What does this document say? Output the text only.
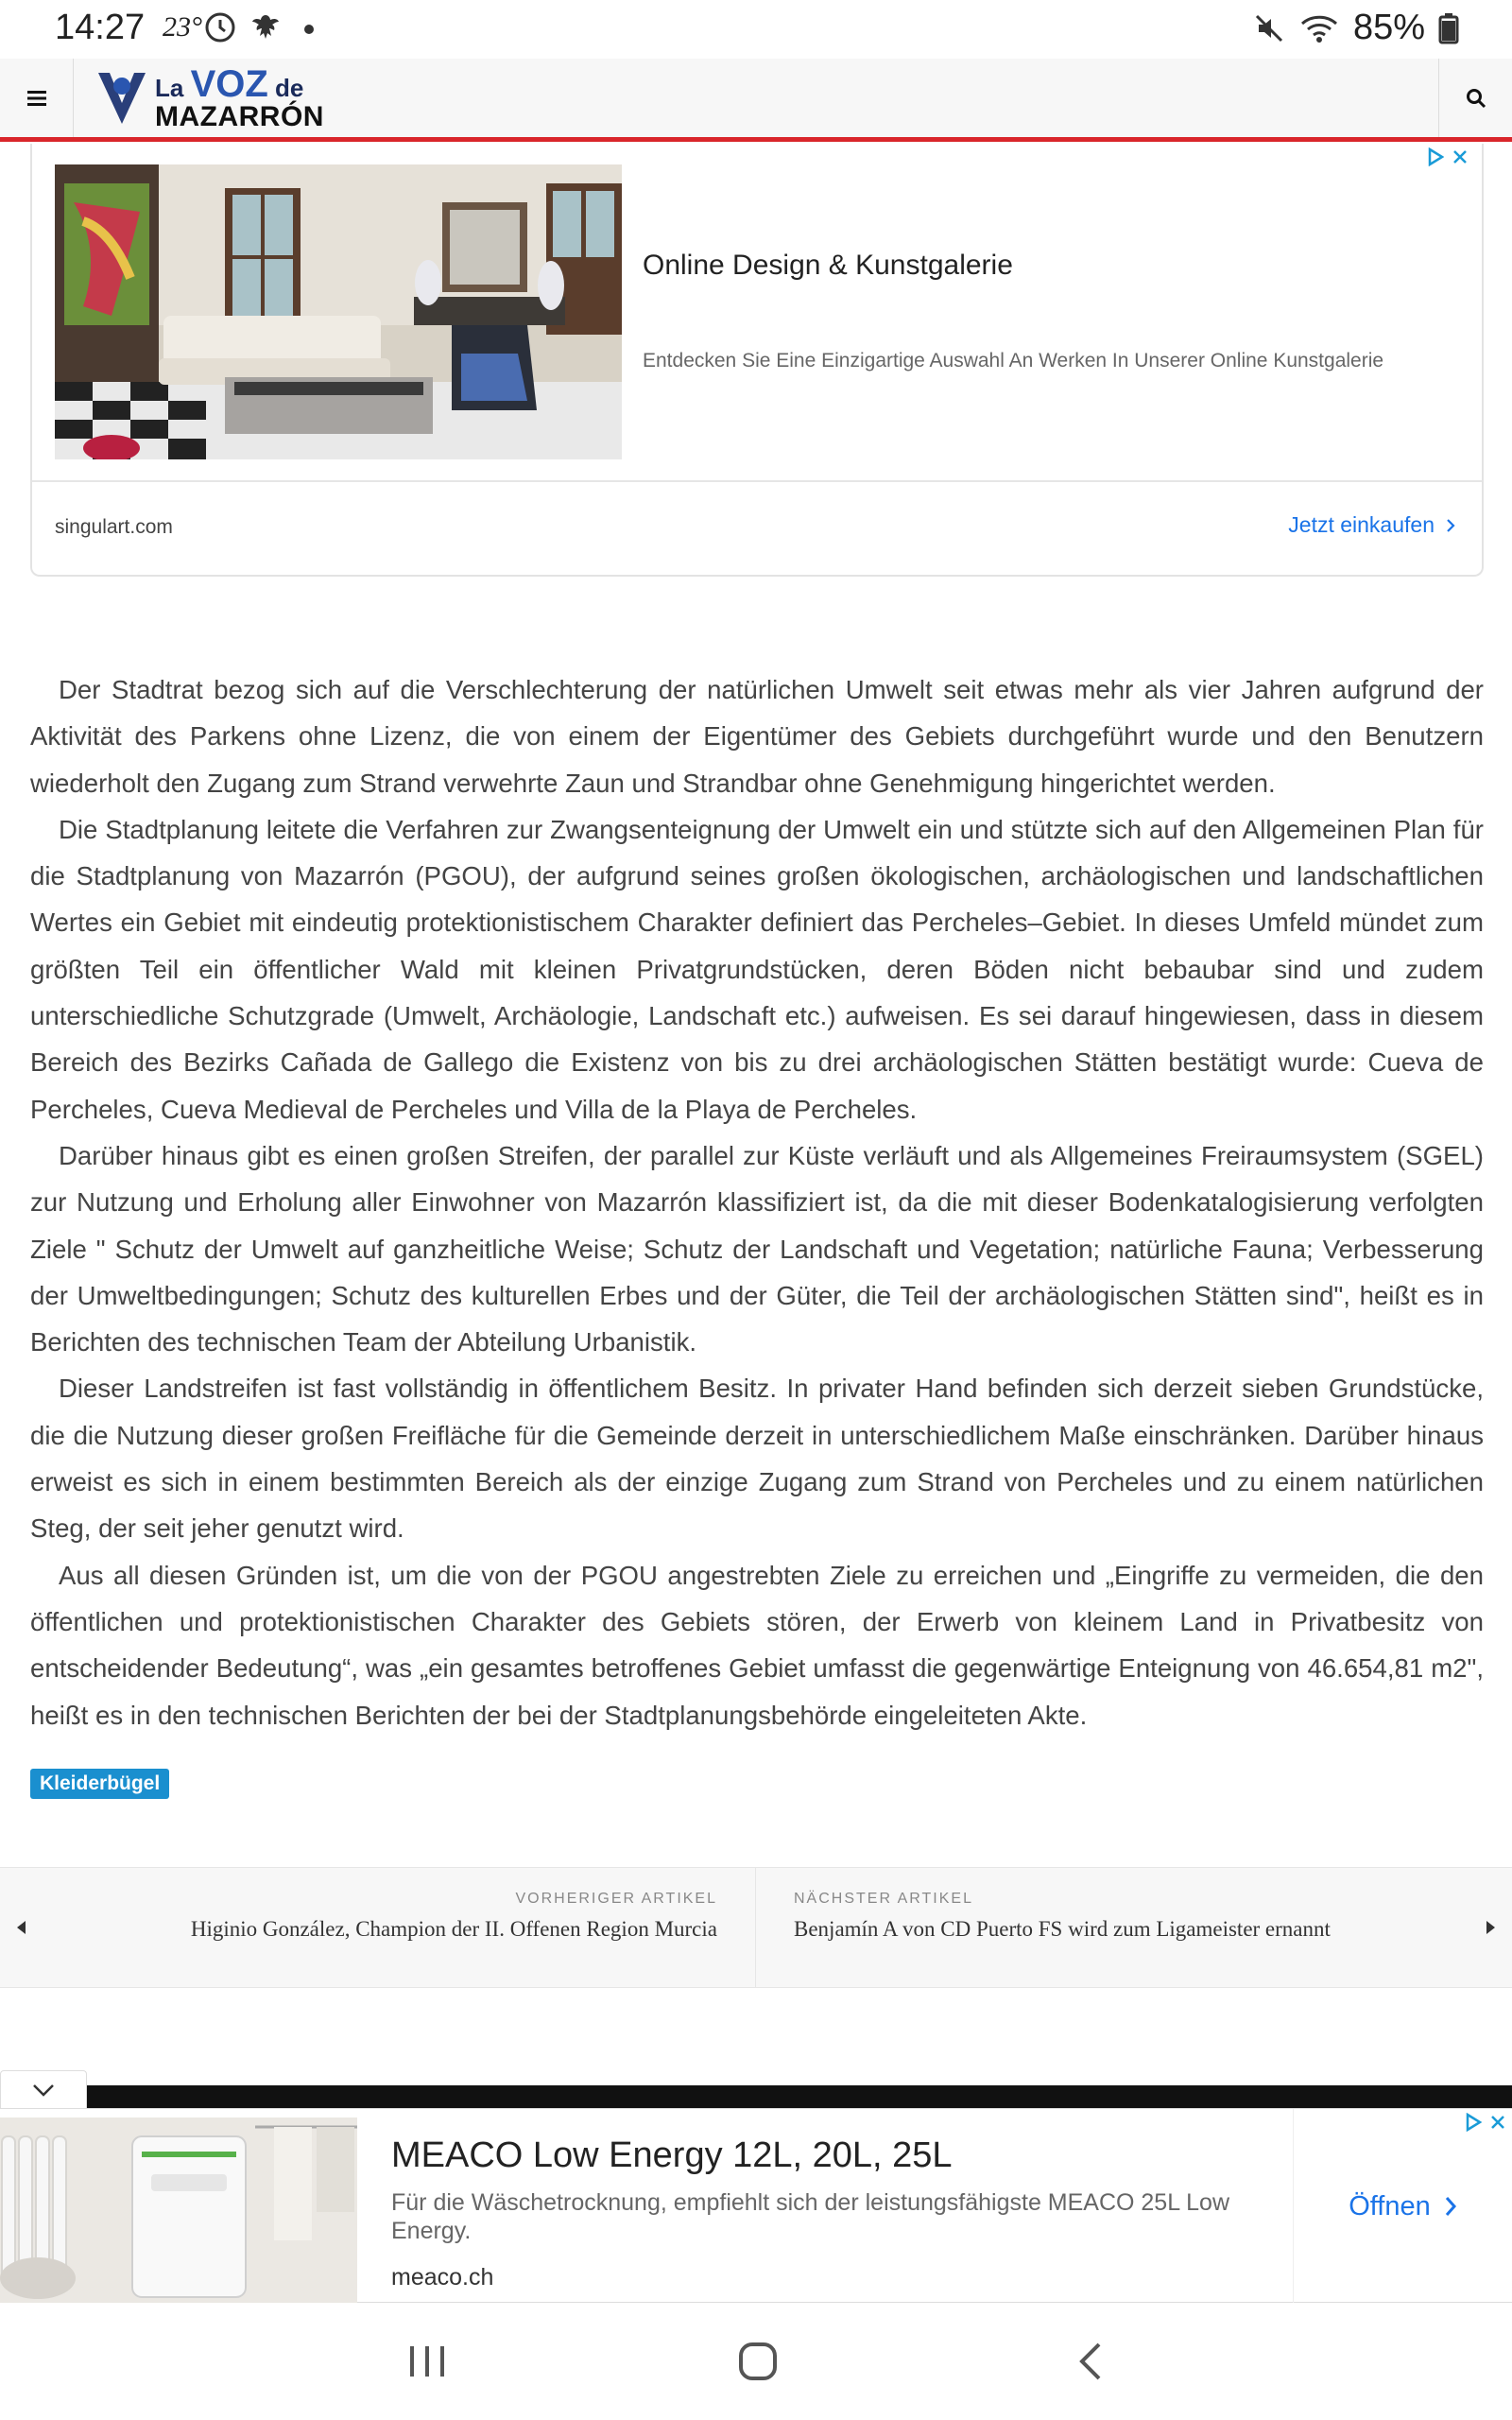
14:27 23°	85%
La VOZ de
MAZARRÓN
Online Design & Kunstgalerie
Entdecken Sie Eine Einzigartige Auswahl An Werken In Unserer Online Kunstgalerie
singulart.com	Jetzt einkaufen

Der Stadtrat bezog sich auf die Verschlechterung der natürlichen Umwelt seit etwas mehr als vier Jahren aufgrund der Aktivität des Parkens ohne Lizenz, die von einem der Eigentümer des Gebiets durchgeführt wurde und den Benutzern wiederholt den Zugang zum Strand verwehrte Zaun und Strandbar ohne Genehmigung hingerichtet werden.

Die Stadtplanung leitete die Verfahren zur Zwangsenteignung der Umwelt ein und stützte sich auf den Allgemeinen Plan für die Stadtplanung von Mazarrón (PGOU), der aufgrund seines großen ökologischen, archäologischen und landschaftlichen Wertes ein Gebiet mit eindeutig protektionistischem Charakter definiert das Percheles–Gebiet. In dieses Umfeld mündet zum größten Teil ein öffentlicher Wald mit kleinen Privatgrundstücken, deren Böden nicht bebaubar sind und zudem unterschiedliche Schutzgrade (Umwelt, Archäologie, Landschaft etc.) aufweisen. Es sei darauf hingewiesen, dass in diesem Bereich des Bezirks Cañada de Gallego die Existenz von bis zu drei archäologischen Stätten bestätigt wurde: Cueva de Percheles, Cueva Medieval de Percheles und Villa de la Playa de Percheles.

Darüber hinaus gibt es einen großen Streifen, der parallel zur Küste verläuft und als Allgemeines Freiraumsystem (SGEL) zur Nutzung und Erholung aller Einwohner von Mazarrón klassifiziert ist, da die mit dieser Bodenkatalogisierung verfolgten Ziele " Schutz der Umwelt auf ganzheitliche Weise; Schutz der Landschaft und Vegetation; natürliche Fauna; Verbesserung der Umweltbedingungen; Schutz des kulturellen Erbes und der Güter, die Teil der archäologischen Stätten sind", heißt es in Berichten des technischen Team der Abteilung Urbanistik.

Dieser Landstreifen ist fast vollständig in öffentlichem Besitz. In privater Hand befinden sich derzeit sieben Grundstücke, die die Nutzung dieser großen Freifläche für die Gemeinde derzeit in unterschiedlichem Maße einschränken. Darüber hinaus erweist es sich in einem bestimmten Bereich als der einzige Zugang zum Strand von Percheles und zu einem natürlichen Steg, der seit jeher genutzt wird.

Aus all diesen Gründen ist, um die von der PGOU angestrebten Ziele zu erreichen und „Eingriffe zu vermeiden, die den öffentlichen und protektionistischen Charakter des Gebiets stören, der Erwerb von kleinem Land in Privatbesitz von entscheidender Bedeutung“, was „ein gesamtes betroffenes Gebiet umfasst die gegenwärtige Enteignung von 46.654,81 m2", heißt es in den technischen Berichten der bei der Stadtplanungsbehörde eingeleiteten Akte.

Kleiderbügel
VORHERIGER ARTIKEL
Higinio González, Champion der II. Offenen Region Murcia
NÄCHSTER ARTIKEL
Benjamín A von CD Puerto FS wird zum Ligameister ernannt
MEACO Low Energy 12L, 20L, 25L
Für die Wäschetrocknung, empfiehlt sich der leistungsfähigste MEACO 25L Low Energy.
meaco.ch
Öffnen
